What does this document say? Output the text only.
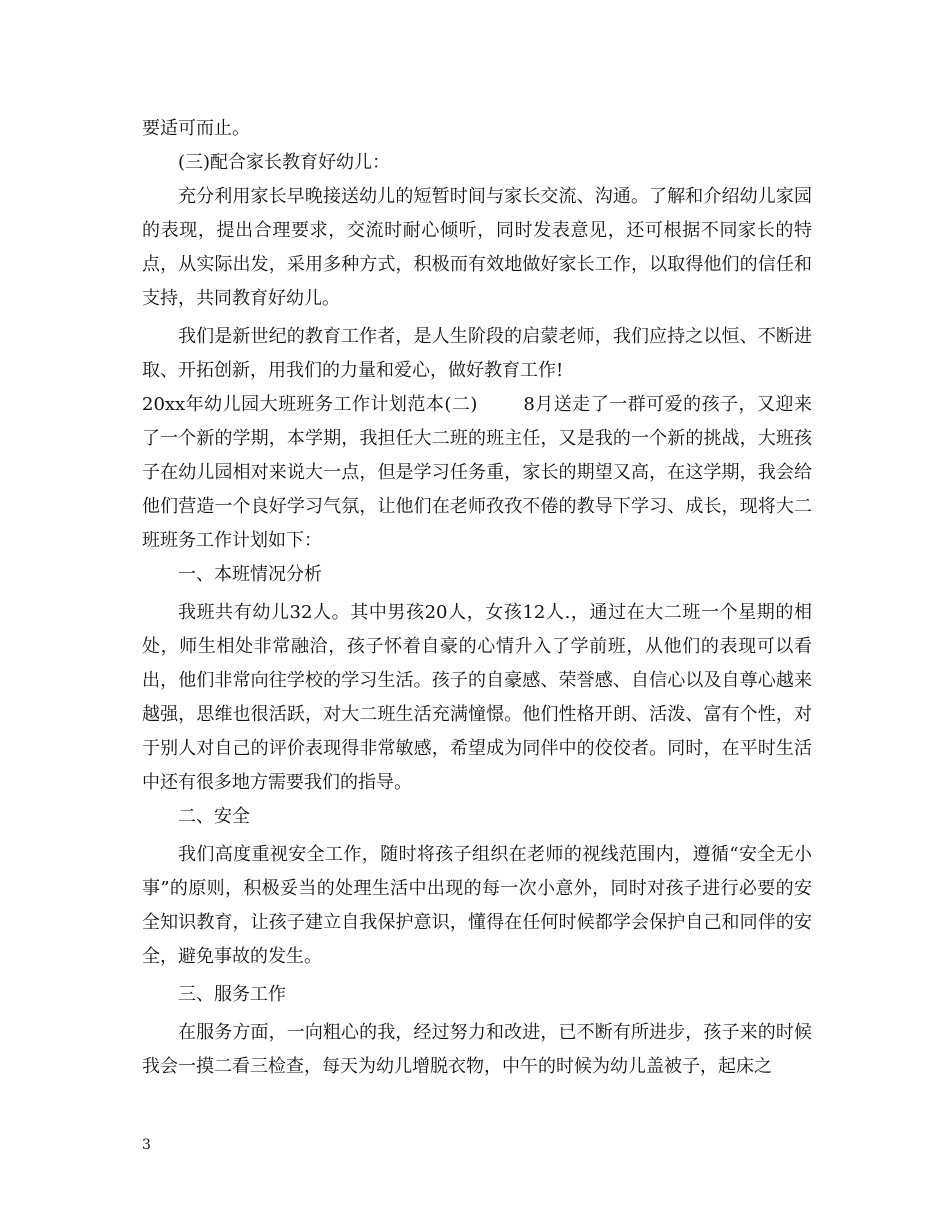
要适可而止。

(三)配合家长教育好幼儿：

充分利用家长早晚接送幼儿的短暂时间与家长交流、沟通。了解和介绍幼儿家园的表现，提出合理要求，交流时耐心倾听，同时发表意见，还可根据不同家长的特点，从实际出发，采用多种方式，积极而有效地做好家长工作，以取得他们的信任和支持，共同教育好幼儿。

我们是新世纪的教育工作者，是人生阶段的启蒙老师，我们应持之以恒、不断进取、开拓创新，用我们的力量和爱心，做好教育工作!

20xx年幼儿园大班班务工作计划范本(二)	8月送走了一群可爱的孩子，又迎来了一个新的学期，本学期，我担任大二班的班主任，又是我的一个新的挑战，大班孩子在幼儿园相对来说大一点，但是学习任务重，家长的期望又高，在这学期，我会给他们营造一个良好学习气氛，让他们在老师孜孜不倦的教导下学习、成长，现将大二班班务工作计划如下：

一、本班情况分析

我班共有幼儿32人。其中男孩20人，女孩12人.，通过在大二班一个星期的相处，师生相处非常融洽，孩子怀着自豪的心情升入了学前班，从他们的表现可以看出，他们非常向往学校的学习生活。孩子的自豪感、荣誉感、自信心以及自尊心越来越强，思维也很活跃，对大二班生活充满憧憬。他们性格开朗、活泼、富有个性，对于别人对自己的评价表现得非常敏感，希望成为同伴中的佼佼者。同时，在平时生活中还有很多地方需要我们的指导。

二、安全

我们高度重视安全工作，随时将孩子组织在老师的视线范围内，遵循“安全无小事”的原则，积极妥当的处理生活中出现的每一次小意外，同时对孩子进行必要的安全知识教育，让孩子建立自我保护意识，懂得在任何时候都学会保护自己和同伴的安全，避免事故的发生。

三、服务工作

在服务方面，一向粗心的我，经过努力和改进，已不断有所进步，孩子来的时候我会一摸二看三检查，每天为幼儿增脱衣物，中午的时候为幼儿盖被子，起床之

3
